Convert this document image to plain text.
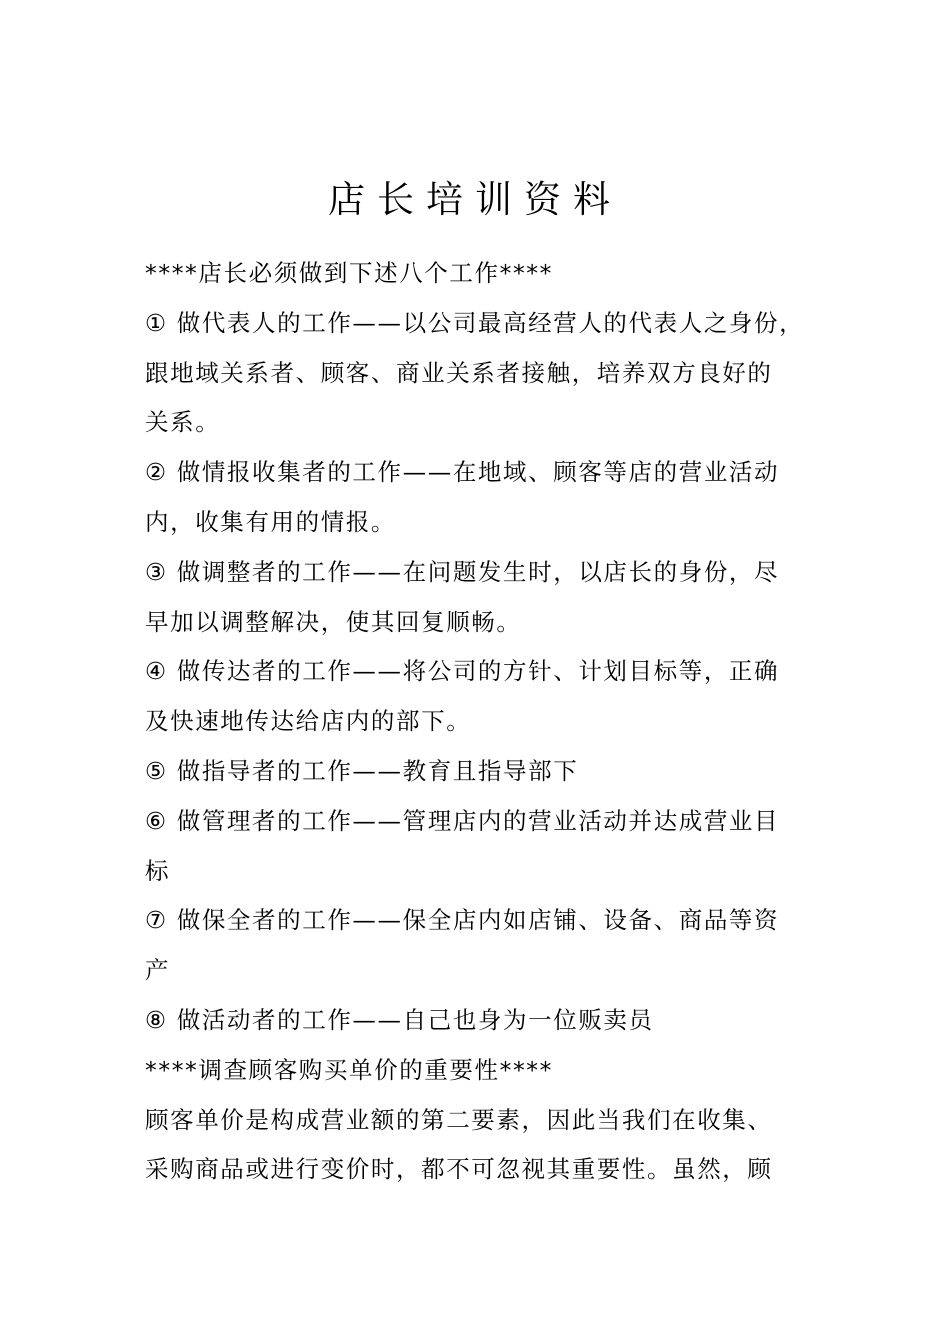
店长培训资料
****店长必须做到下述八个工作****
① 做代表人的工作——以公司最高经营人的代表人之身份，
跟地域关系者、顾客、商业关系者接触，培养双方良好的
关系。
② 做情报收集者的工作——在地域、顾客等店的营业活动
内，收集有用的情报。
③ 做调整者的工作——在问题发生时，以店长的身份，尽
早加以调整解决，使其回复顺畅。
④ 做传达者的工作——将公司的方针、计划目标等，正确
及快速地传达给店内的部下。
⑤ 做指导者的工作——教育且指导部下
⑥ 做管理者的工作——管理店内的营业活动并达成营业目
标
⑦ 做保全者的工作——保全店内如店铺、设备、商品等资
产
⑧ 做活动者的工作——自己也身为一位贩卖员
****调查顾客购买单价的重要性****
顾客单价是构成营业额的第二要素，因此当我们在收集、
采购商品或进行变价时，都不可忽视其重要性。虽然，顾
